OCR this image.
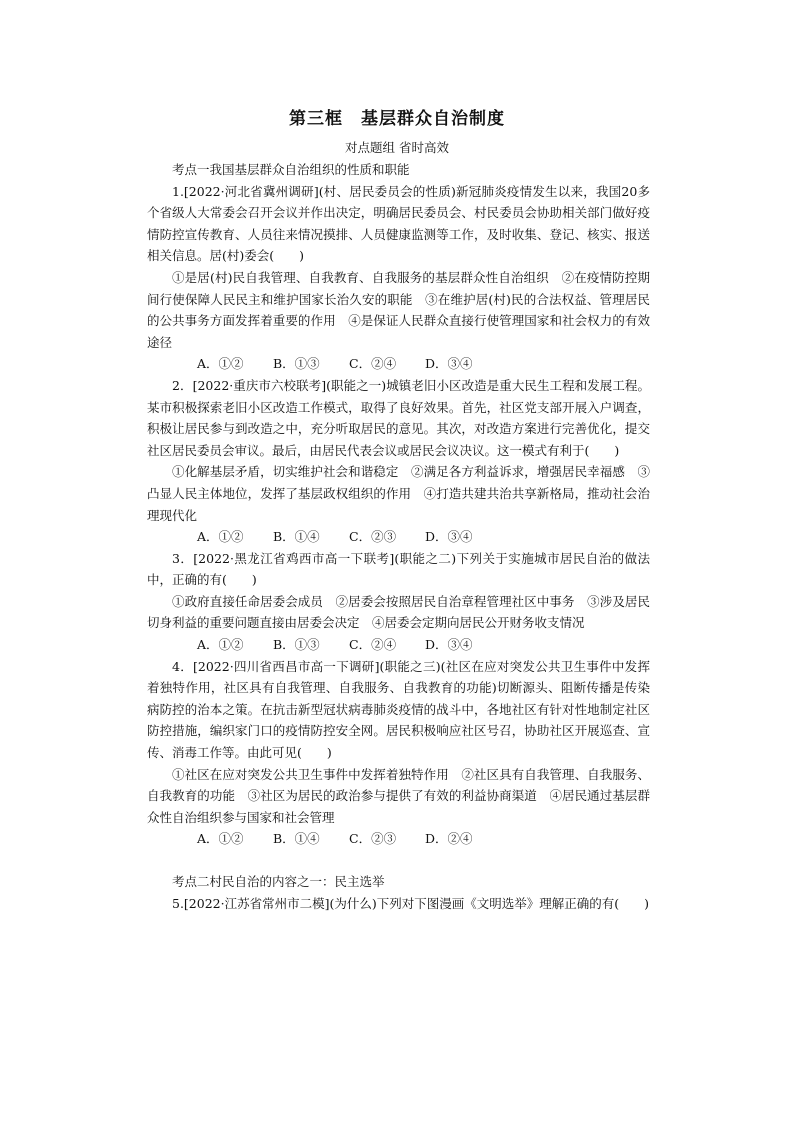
第三框　基层群众自治制度

对点题组 省时高效

考点一我国基层群众自治组织的性质和职能

1.[2022·河北省冀州调研](村、居民委员会的性质)新冠肺炎疫情发生以来，我国20多个省级人大常委会召开会议并作出决定，明确居民委员会、村民委员会协助相关部门做好疫情防控宣传教育、人员往来情况摸排、人员健康监测等工作，及时收集、登记、核实、报送相关信息。居(村)委会(　　)

①是居(村)民自我管理、自我教育、自我服务的基层群众性自治组织　②在疫情防控期间行使保障人民民主和维护国家长治久安的职能　③在维护居(村)民的合法权益、管理居民的公共事务方面发挥着重要的作用　④是保证人民群众直接行使管理国家和社会权力的有效途径

A．①② B．①③ C．②④ D．③④

2．[2022·重庆市六校联考](职能之一)城镇老旧小区改造是重大民生工程和发展工程。某市积极探索老旧小区改造工作模式，取得了良好效果。首先，社区党支部开展入户调查，积极让居民参与到改造之中，充分听取居民的意见。其次，对改造方案进行完善优化，提交社区居民委员会审议。最后，由居民代表会议或居民会议决议。这一模式有利于(　　)

①化解基层矛盾，切实维护社会和谐稳定　②满足各方利益诉求，增强居民幸福感　③凸显人民主体地位，发挥了基层政权组织的作用　④打造共建共治共享新格局，推动社会治理现代化

A．①② B．①④ C．②③ D．③④

3．[2022·黑龙江省鸡西市高一下联考](职能之二)下列关于实施城市居民自治的做法中，正确的有(　　)

①政府直接任命居委会成员　②居委会按照居民自治章程管理社区中事务　③涉及居民切身利益的重要问题直接由居委会决定　④居委会定期向居民公开财务收支情况

A．①② B．①③ C．②④ D．③④

4．[2022·四川省西昌市高一下调研](职能之三)(社区在应对突发公共卫生事件中发挥着独特作用，社区具有自我管理、自我服务、自我教育的功能)切断源头、阻断传播是传染病防控的治本之策。在抗击新型冠状病毒肺炎疫情的战斗中，各地社区有针对性地制定社区防控措施，编织家门口的疫情防控安全网。居民积极响应社区号召，协助社区开展巡查、宣传、消毒工作等。由此可见(　　)

①社区在应对突发公共卫生事件中发挥着独特作用　②社区具有自我管理、自我服务、自我教育的功能　③社区为居民的政治参与提供了有效的利益协商渠道　④居民通过基层群众性自治组织参与国家和社会管理

A．①② B．①④ C．②③ D．②④

考点二村民自治的内容之一：民主选举

5.[2022·江苏省常州市二模](为什么)下列对下图漫画《文明选举》理解正确的有(　　)
